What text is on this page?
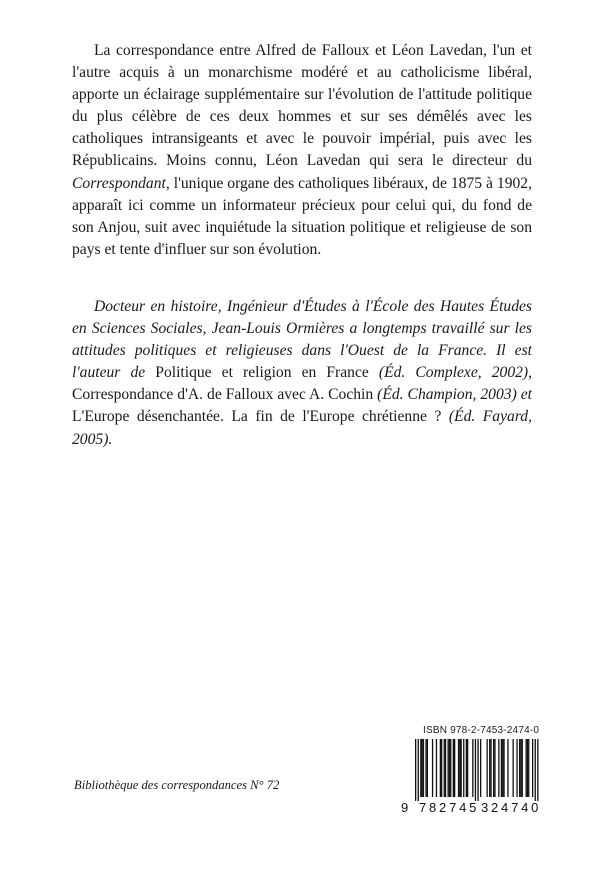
La correspondance entre Alfred de Falloux et Léon Lavedan, l'un et l'autre acquis à un monarchisme modéré et au catholicisme libéral, apporte un éclairage supplémentaire sur l'évolution de l'attitude politique du plus célèbre de ces deux hommes et sur ses démêlés avec les catholiques intransigeants et avec le pouvoir impérial, puis avec les Républicains. Moins connu, Léon Lavedan qui sera le directeur du Correspondant, l'unique organe des catholiques libéraux, de 1875 à 1902, apparaît ici comme un informateur précieux pour celui qui, du fond de son Anjou, suit avec inquiétude la situation politique et religieuse de son pays et tente d'influer sur son évolution.

Docteur en histoire, Ingénieur d'Études à l'École des Hautes Études en Sciences Sociales, Jean-Louis Ormières a longtemps travaillé sur les attitudes politiques et religieuses dans l'Ouest de la France. Il est l'auteur de Politique et religion en France (Éd. Complexe, 2002), Correspondance d'A. de Falloux avec A. Cochin (Éd. Champion, 2003) et L'Europe désenchantée. La fin de l'Europe chrétienne ? (Éd. Fayard, 2005).

Bibliothèque des correspondances N° 72
ISBN 978-2-7453-2474-0
9 782745 324740
